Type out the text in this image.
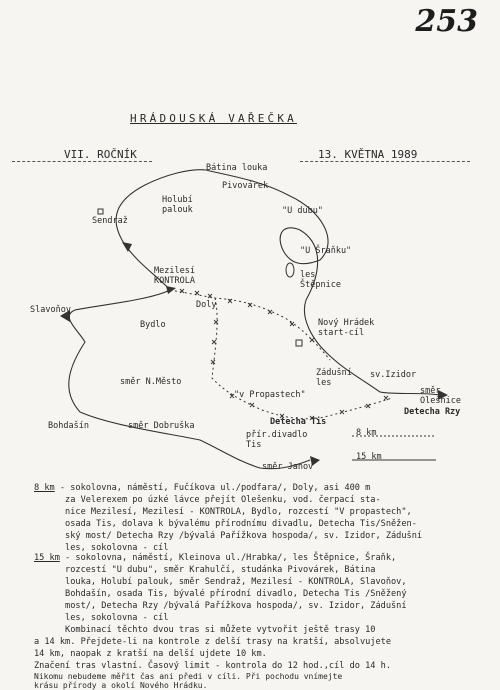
253
HRÁDOUSKÁ VAŘEČKA
VII. ROČNÍK	13. KVĚTNA 1989
Bátina louka
Pivovárek
Holubí
palouk	"U dubu"
Sendraž
"U Šraňku"
les
Štěpnice
Mezilesí
KONTROLA
Slavoňov	Doly
Bydlo	Nový Hrádek
start-cíl
směr N.Město
"v Propastech"
Zádušní
les
sv.Izidor
směr
Olešnice
Detecha Rzy
Detecha Tis
Bohdašín	směr Dobruška
přír.divadlo
Tis
směr Janov
8 km
15 km
8 km - sokolovna, náměstí, Fučíkova ul./podfara/, Doly, asi 400 m
za Velerexem po úzké lávce přejít Olešenku, vod. čerpací sta-
nice Mezilesí, Mezilesí - KONTROLA, Bydlo, rozcestí "V propastech",
osada Tis, dolava k bývalému přírodnímu divadlu, Detecha Tis/Sněžen-
ský most/ Detecha Rzy /bývalá Pařížkova hospoda/, sv. Izidor, Zádušní
les, sokolovna - cíl
15 km - sokolovna, náměstí, Kleinova ul./Hrabka/, les Štěpnice, Šraňk,
rozcestí "U dubu", směr Krahulčí, studánka Pivovárek, Bátina
louka, Holubí palouk, směr Sendraž, Mezilesí - KONTROLA, Slavoňov,
Bohdašín, osada Tis, bývalé přírodní divadlo, Detecha Tis /Sněžený
most/, Detecha Rzy /bývalá Pařížkova hospoda/, sv. Izidor, Zádušní
les, sokolovna - cíl
Kombinací těchto dvou tras si můžete vytvořit ještě trasy 10
a 14 km. Přejdete-li na kontrole z delší trasy na kratší, absolvujete
14 km, naopak z kratší na delší ujdete 10 km.
Značení tras vlastní. Časový limit - kontrola do 12 hod.,cíl do 14 h.
Nikomu nebudeme měřit čas ani předi v cíli. Při pochodu vnímejte
krásu přírody a okolí Nového Hrádku.
